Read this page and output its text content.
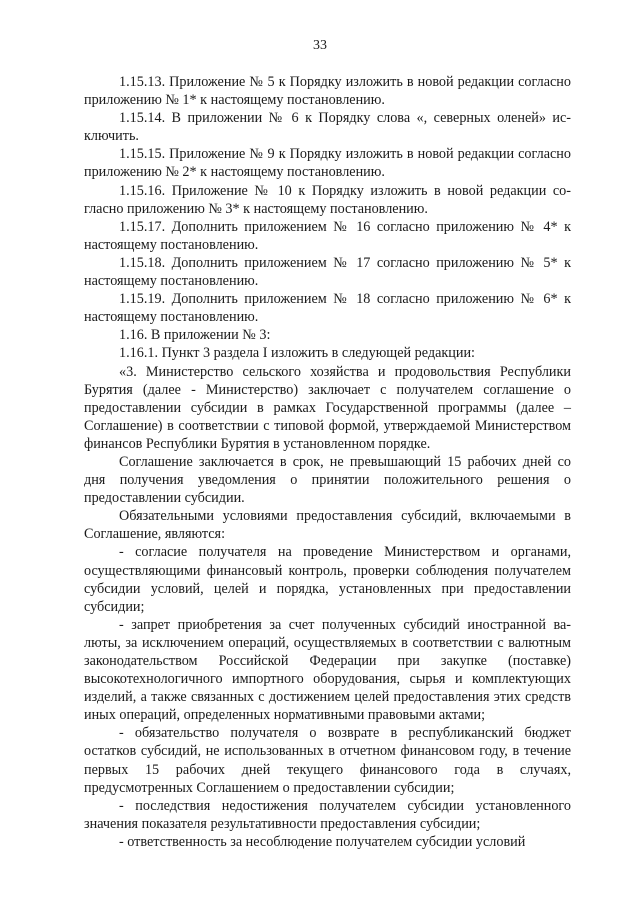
33

1.15.13. Приложение № 5 к Порядку изложить в новой редакции согласно приложению № 1* к настоящему постановлению.

1.15.14. В приложении № 6 к Порядку слова «, северных оленей» исключить.

1.15.15. Приложение № 9 к Порядку изложить в новой редакции согласно приложению № 2* к настоящему постановлению.

1.15.16. Приложение № 10 к Порядку изложить в новой редакции согласно приложению № 3* к настоящему постановлению.

1.15.17. Дополнить приложением № 16 согласно приложению № 4* к настоящему постановлению.

1.15.18. Дополнить приложением № 17 согласно приложению № 5* к настоящему постановлению.

1.15.19. Дополнить приложением № 18 согласно приложению № 6* к настоящему постановлению.

1.16. В приложении № 3:

1.16.1. Пункт 3 раздела I изложить в следующей редакции:

«3. Министерство сельского хозяйства и продовольствия Республики Бурятия (далее - Министерство) заключает с получателем соглашение о предоставлении субсидии в рамках Государственной программы (далее – Соглашение) в соответствии с типовой формой, утверждаемой Министерством финансов Республики Бурятия в установленном порядке.

Соглашение заключается в срок, не превышающий 15 рабочих дней со дня получения уведомления о принятии положительного решения о предоставлении субсидии.

Обязательными условиями предоставления субсидий, включаемыми в Соглашение, являются:

- согласие получателя на проведение Министерством и органами, осуществляющими финансовый контроль, проверки соблюдения получателем субсидии условий, целей и порядка, установленных при предоставлении субсидии;

- запрет приобретения за счет полученных субсидий иностранной валюты, за исключением операций, осуществляемых в соответствии с валютным законодательством Российской Федерации при закупке (поставке) высокотехнологичного импортного оборудования, сырья и комплектующих изделий, а также связанных с достижением целей предоставления этих средств иных операций, определенных нормативными правовыми актами;

- обязательство получателя о возврате в республиканский бюджет остатков субсидий, не использованных в отчетном финансовом году, в течение первых 15 рабочих дней текущего финансового года в случаях, предусмотренных Соглашением о предоставлении субсидии;

- последствия недостижения получателем субсидии установленного значения показателя результативности предоставления субсидии;

- ответственность за несоблюдение получателем субсидии условий
